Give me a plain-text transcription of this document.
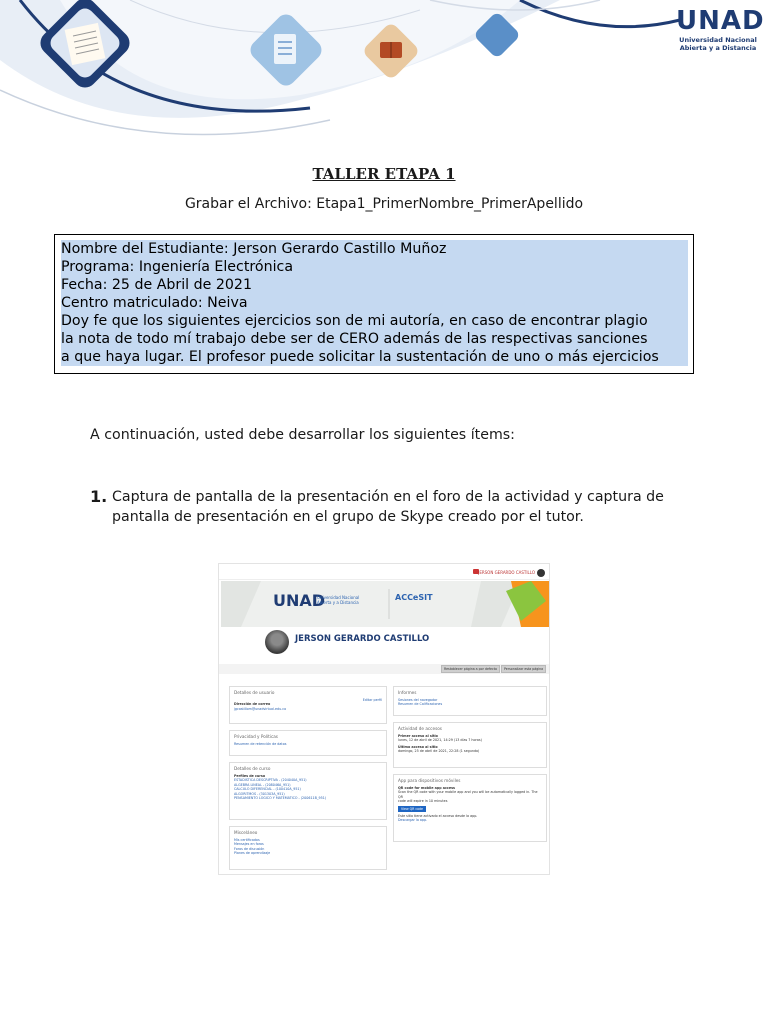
UNAD
Universidad Nacional
Abierta y a Distancia
TALLER ETAPA 1
Grabar el Archivo: Etapa1_PrimerNombre_PrimerApellido
Nombre del Estudiante: Jerson Gerardo Castillo Muñoz
Programa: Ingeniería Electrónica
Fecha: 25 de Abril de 2021
Centro matriculado: Neiva
Doy fe que los siguientes ejercicios son de mi autoría, en caso de encontrar plagio
la nota de todo mí trabajo debe ser de CERO además de las respectivas sanciones
a que haya lugar. El profesor puede solicitar la sustentación de uno o más ejercicios
A continuación, usted debe desarrollar los siguientes ítems:
1. Captura de pantalla de la presentación en el foro de la actividad y captura de pantalla de presentación en el grupo de Skype creado por el tutor.
JERSON GERARDO CASTILLO
UNAD
Universidad Nacional
Abierta y a Distancia
ACCeSIT
JERSON GERARDO CASTILLO
Restablecer página a por defecto	Personalizar esta página
Detalles de usuario

Editar perfil

Dirección de correo

jgcastillom@unadvirtual.edu.co

Privacidad y Políticas

Resumen de retención de datos

Detalles de curso

Perfiles de curso

ESTADISTICA DESCRIPTIVA - (204040A_951)

ALGEBRA LINEAL - (208046A_951)

CALCULO DIFERENCIAL - (100410A_951)

ALGORITMOS - (301303A_951)

PENSAMIENTO LOGICO Y MATEMATICO - (200611B_951)

Misceláneo

Mis certificados

Mensajes en foros

Foros de discusión

Planes de aprendizaje

Informes

Sesiones del navegador

Resumen de Calificaciones

Actividad de accesos

Primer acceso al sitio

lunes, 12 de abril de 2021, 14:29 (13 días 7 horas)

Último acceso al sitio

domingo, 25 de abril de 2021, 22:28 (1 segundo)

App para dispositivos móviles

QR code for mobile app access

Scan the QR code with your mobile app and you will be automatically logged in. The QR

code will expire in 10 minutes

View QR code

Este sitio tiene activado el acceso desde la app.

Descargar la app.
